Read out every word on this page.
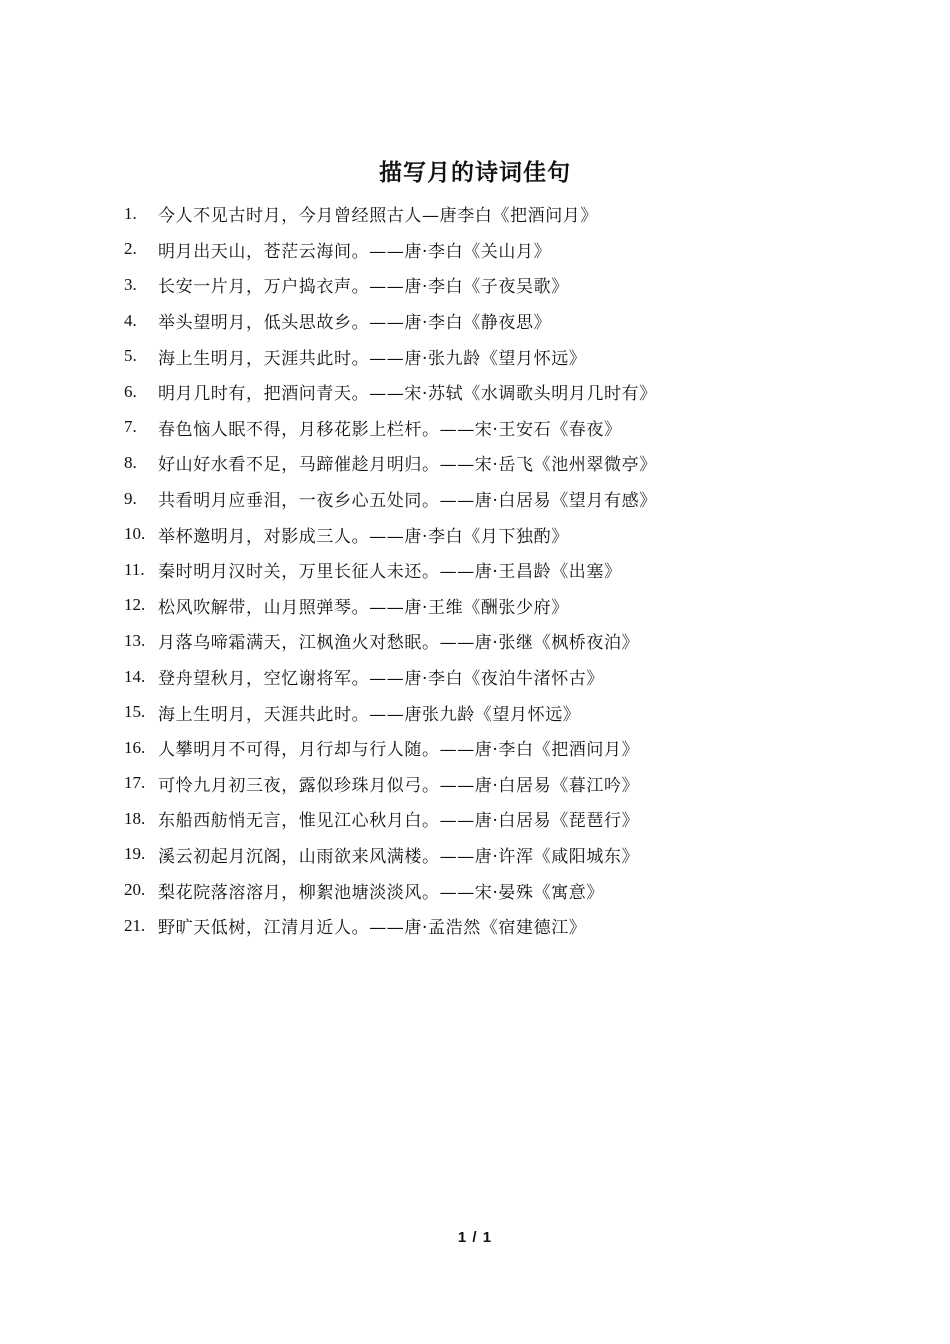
描写月的诗词佳句
1.	今人不见古时月，今月曾经照古人—唐李白《把酒问月》
2.	明月出天山，苍茫云海间。——唐·李白《关山月》
3.	长安一片月，万户捣衣声。——唐·李白《子夜吴歌》
4.	举头望明月，低头思故乡。——唐·李白《静夜思》
5.	海上生明月，天涯共此时。——唐·张九龄《望月怀远》
6.	明月几时有，把酒问青天。——宋·苏轼《水调歌头明月几时有》
7.	春色恼人眠不得，月移花影上栏杆。——宋·王安石《春夜》
8.	好山好水看不足，马蹄催趁月明归。——宋·岳飞《池州翠微亭》
9.	共看明月应垂泪，一夜乡心五处同。——唐·白居易《望月有感》
10. 举杯邀明月，对影成三人。——唐·李白《月下独酌》
11. 秦时明月汉时关，万里长征人未还。——唐·王昌龄《出塞》
12. 松风吹解带，山月照弹琴。——唐·王维《酬张少府》
13. 月落乌啼霜满天，江枫渔火对愁眠。——唐·张继《枫桥夜泊》
14. 登舟望秋月，空忆谢将军。——唐·李白《夜泊牛渚怀古》
15. 海上生明月，天涯共此时。——唐张九龄《望月怀远》
16. 人攀明月不可得，月行却与行人随。——唐·李白《把酒问月》
17. 可怜九月初三夜，露似珍珠月似弓。——唐·白居易《暮江吟》
18. 东船西舫悄无言，惟见江心秋月白。——唐·白居易《琵琶行》
19. 溪云初起月沉阁，山雨欲来风满楼。——唐·许浑《咸阳城东》
20. 梨花院落溶溶月，柳絮池塘淡淡风。——宋·晏殊《寓意》
21. 野旷天低树，江清月近人。——唐·孟浩然《宿建德江》
1 / 1
